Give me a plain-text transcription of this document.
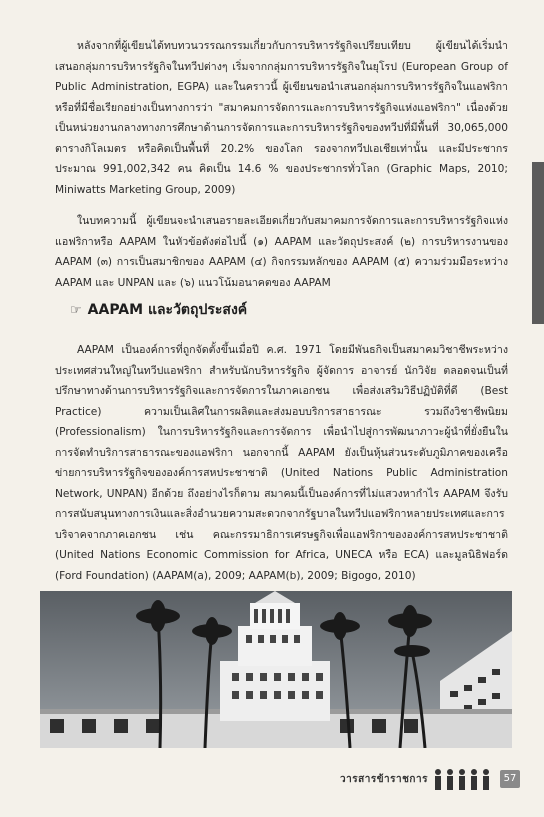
หลังจากที่ผู้เขียนได้ทบทวนวรรณกรรมเกี่ยวกับการบริหารรัฐกิจเปรียบเทียบ ผู้เขียนได้เริ่มนำเสนอกลุ่มการบริหารรัฐกิจในทวีปต่างๆ เริ่มจากกลุ่มการบริหารรัฐกิจในยุโรป (European Group of Public Administration, EGPA) และในคราวนี้ ผู้เขียนขอนำเสนอกลุ่มการบริหารรัฐกิจในแอฟริกาหรือที่มีชื่อเรียกอย่างเป็นทางการว่า "สมาคมการจัดการและการบริหารรัฐกิจแห่งแอฟริกา" เนื่องด้วยเป็นหน่วยงานกลางทางการศึกษาด้านการจัดการและการบริหารรัฐกิจของทวีปที่มีพื้นที่ 30,065,000 ตารางกิโลเมตร หรือคิดเป็นพื้นที่ 20.2% ของโลก รองจากทวีปเอเชียเท่านั้น และมีประชากรประมาณ 991,002,342 คน คิดเป็น 14.6 % ของประชากรทั่วโลก (Graphic Maps, 2010; Miniwatts Marketing Group, 2009)
ในบทความนี้ ผู้เขียนจะนำเสนอรายละเอียดเกี่ยวกับสมาคมการจัดการและการบริหารรัฐกิจแห่งแอฟริกาหรือ AAPAM ในหัวข้อดังต่อไปนี้ (๑) AAPAM และวัตถุประสงค์ (๒) การบริหารงานของ AAPAM (๓) การเป็นสมาชิกของ AAPAM (๔) กิจกรรมหลักของ AAPAM (๕) ความร่วมมือระหว่าง AAPAM และ UNPAN และ (๖) แนวโน้มอนาคตของ AAPAM
☞ AAPAM และวัตถุประสงค์
AAPAM เป็นองค์การที่ถูกจัดตั้งขึ้นเมื่อปี ค.ศ. 1971 โดยมีพันธกิจเป็นสมาคมวิชาชีพระหว่างประเทศส่วนใหญ่ในทวีปแอฟริกา สำหรับนักบริหารรัฐกิจ ผู้จัดการ อาจารย์ นักวิจัย ตลอดจนเป็นที่ปรึกษาทางด้านการบริหารรัฐกิจและการจัดการในภาคเอกชน เพื่อส่งเสริมวิธีปฏิบัติที่ดี (Best Practice) ความเป็นเลิศในการผลิตและส่งมอบบริการสาธารณะ รวมถึงวิชาชีพนิยม (Professionalism) ในการบริหารรัฐกิจและการจัดการ เพื่อนำไปสู่การพัฒนาภาวะผู้นำที่ยั่งยืนในการจัดทำบริการสาธารณะของแอฟริกา นอกจากนี้ AAPAM ยังเป็นหุ้นส่วนระดับภูมิภาคของเครือข่ายการบริหารรัฐกิจขององค์การสหประชาชาติ (United Nations Public Administration Network, UNPAN) อีกด้วย ถึงอย่างไรก็ตาม สมาคมนี้เป็นองค์การที่ไม่แสวงหากำไร AAPAM จึงรับการสนับสนุนทางการเงินและสิ่งอำนวยความสะดวกจากรัฐบาลในทวีปแอฟริกาหลายประเทศและการบริจาคจากภาคเอกชน เช่น คณะกรรมาธิการเศรษฐกิจเพื่อแอฟริกาขององค์การสหประชาชาติ (United Nations Economic Commission for Africa, UNECA หรือ ECA) และมูลนิธิฟอร์ด (Ford Foundation) (AAPAM(a), 2009; AAPAM(b), 2009; Bigogo, 2010)
วารสารข้าราชการ	57
